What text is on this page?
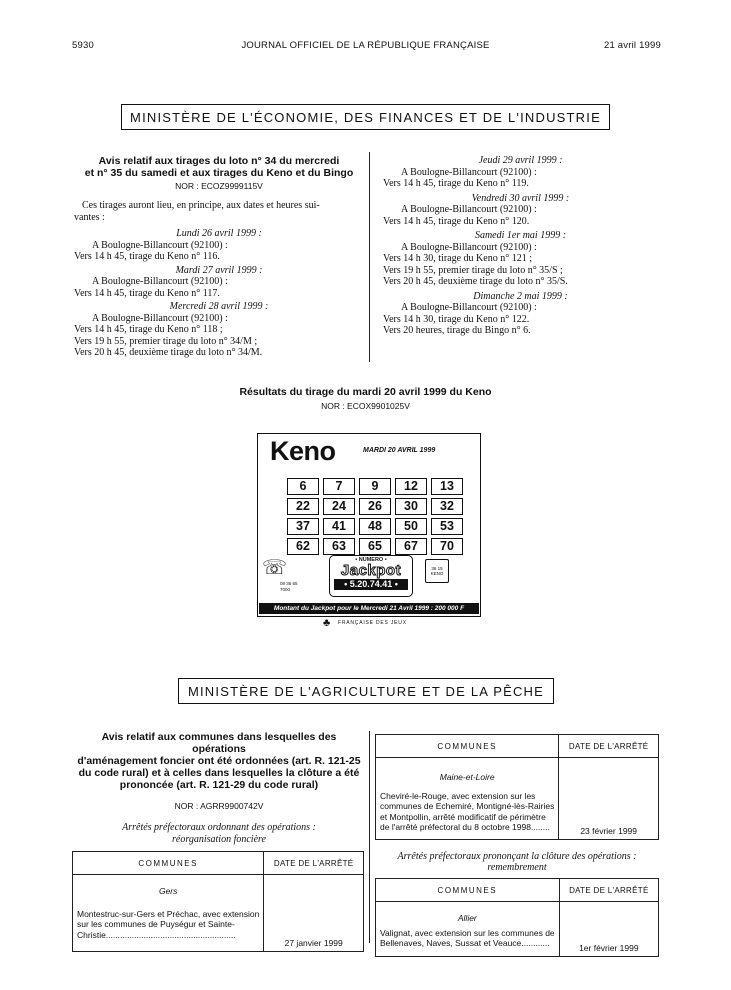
5930	JOURNAL OFFICIEL DE LA RÉPUBLIQUE FRANÇAISE	21 avril 1999
MINISTÈRE DE L'ÉCONOMIE, DES FINANCES ET DE L'INDUSTRIE
Avis relatif aux tirages du loto n° 34 du mercredi
et n° 35 du samedi et aux tirages du Keno et du Bingo
NOR : ECOZ9999115V
Ces tirages auront lieu, en principe, aux dates et heures sui-
vantes :
Lundi 26 avril 1999 :
A Boulogne-Billancourt (92100) :
Vers 14 h 45, tirage du Keno n° 116.
Mardi 27 avril 1999 :
A Boulogne-Billancourt (92100) :
Vers 14 h 45, tirage du Keno n° 117.
Mercredi 28 avril 1999 :
A Boulogne-Billancourt (92100) :
Vers 14 h 45, tirage du Keno n° 118 ;
Vers 19 h 55, premier tirage du loto n° 34/M ;
Vers 20 h 45, deuxième tirage du loto n° 34/M.
Jeudi 29 avril 1999 :
A Boulogne-Billancourt (92100) :
Vers 14 h 45, tirage du Keno n° 119.
Vendredi 30 avril 1999 :
A Boulogne-Billancourt (92100) :
Vers 14 h 45, tirage du Keno n° 120.
Samedi 1er mai 1999 :
A Boulogne-Billancourt (92100) :
Vers 14 h 30, tirage du Keno n° 121 ;
Vers 19 h 55, premier tirage du loto n° 35/S ;
Vers 20 h 45, deuxième tirage du loto n° 35/S.
Dimanche 2 mai 1999 :
A Boulogne-Billancourt (92100) :
Vers 14 h 30, tirage du Keno n° 122.
Vers 20 heures, tirage du Bingo n° 6.
Résultats du tirage du mardi 20 avril 1999 du Keno
NOR : ECOX9901025V
Keno	MARDI 20 AVRIL 1999
6	7	9	12	13
22	24	26	30	32
37	41	48	50	53
62	63	65	67	70
☏
08 36 65 7000
• NUMERO •
Jackpot
• 5.20.74.41 •
36 15 KENO
Montant du Jackpot pour le Mercredi 21 Avril 1999 : 200 000 F
♣ FRANÇAISE DES JEUX
MINISTÈRE DE L'AGRICULTURE ET DE LA PÊCHE
Avis relatif aux communes dans lesquelles des opérations
d'aménagement foncier ont été ordonnées (art. R. 121-25
du code rural) et à celles dans lesquelles la clôture a été
prononcée (art. R. 121-29 du code rural)
NOR : AGRR9900742V
Arrêtés préfectoraux ordonnant des opérations :
réorganisation foncière
COMMUNES	DATE DE L'ARRÊTÉ

Gers
Montestruc-sur-Gers et Préchac, avec extension
sur les communes de Puységur et Sainte-
Christie.......................................................	27 janvier 1999
COMMUNES	DATE DE L'ARRÊTÉ

Maine-et-Loire
Cheviré-le-Rouge, avec extension sur les
communes de Echemiré, Montigné-lès-Rairies
et Montpollin, arrêté modificatif de périmètre
de l'arrêté préfectoral du 8 octobre 1998........	23 février 1999
Arrêtés préfectoraux prononçant la clôture des opérations :
remembrement
COMMUNES	DATE DE L'ARRÊTÉ

Allier
Valignat, avec extension sur les communes de
Bellenaves, Naves, Sussat et Veauce............	1er février 1999
